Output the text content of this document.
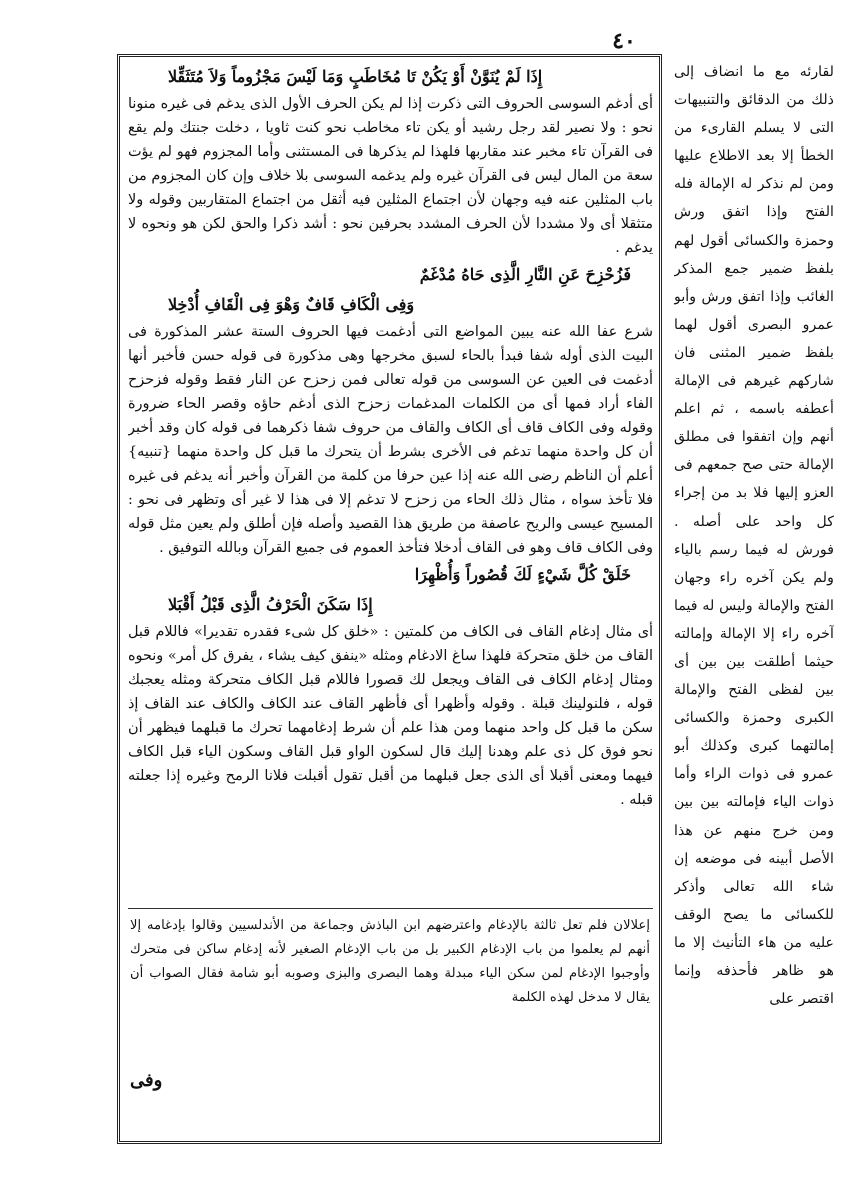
٤٠

إِذَا لَمْ يُنَوَّنْ أَوْ يَكُنْ تَا مُخَاطَبٍ وَمَا لَيْسَ مَجْزُوماً وَلاَ مُتَثَقِّلا

أى أدغم السوسى الحروف التى ذكرت إذا لم يكن الحرف الأول الذى يدغم فى غيره منونا نحو : ولا نصير لقد رجل رشيد أو يكن تاء مخاطب نحو كنت ثاويا ، دخلت جنتك ولم يقع فى القرآن تاء مخبر عند مقاربها فلهذا لم يذكرها فى المستثنى وأما المجزوم فهو لم يؤت سعة من المال ليس فى القرآن غيره ولم يدغمه السوسى بلا خلاف وإن كان المجزوم من باب المثلين عنه فيه وجهان لأن اجتماع المثلين فيه أثقل من اجتماع المتقاربين وقوله ولا متثقلا أى ولا مشددا لأن الحرف المشدد بحرفين نحو : أشد ذكرا والحق لكن هو ونحوه لا يدغم .

فَزُحْزِحَ عَنِ النَّارِ الَّذِى حَاهُ مُدْغَمٌ

وَفِى الْكَافِ قَافٌ وَهْوَ فِى الْقَافِ أُدْخِلا

شرع عفا الله عنه يبين المواضع التى أدغمت فيها الحروف الستة عشر المذكورة فى البيت الذى أوله شفا فبدأ بالحاء لسبق مخرجها وهى مذكورة فى قوله حسن فأخبر أنها أدغمت فى العين عن السوسى من قوله تعالى فمن زحزح عن النار فقط وقوله فزحزح الفاء أراد فمها أى من الكلمات المدغمات زحزح الذى أدغم حاؤه وقصر الحاء ضرورة وقوله وفى الكاف قاف أى الكاف والقاف من حروف شفا ذكرهما فى قوله كان وقد أخبر أن كل واحدة منهما تدغم فى الأخرى بشرط أن يتحرك ما قبل كل واحدة منهما {تنبيه} أعلم أن الناظم رضى الله عنه إذا عين حرفا من كلمة من القرآن وأخبر أنه يدغم فى غيره فلا تأخذ سواه ، مثال ذلك الحاء من زحزح لا تدغم إلا فى هذا لا غير أى وتظهر فى نحو : المسيح عيسى والريح عاصفة من طريق هذا القصيد وأصله فإن أطلق ولم يعين مثل قوله وفى الكاف قاف وهو فى القاف أدخلا فتأخذ العموم فى جميع القرآن وبالله التوفيق .

خَلَقْ كُلَّ شَيْءٍ لَكَ قُصُوراً وَأُظْهِرَا

إِذَا سَكَنَ الْحَرْفُ الَّذِى قَبْلُ أَقْبَلا

أى مثال إدغام القاف فى الكاف من كلمتين : «خلق كل شىء فقدره تقديرا» فاللام قبل القاف من خلق متحركة فلهذا ساغ الادغام ومثله «ينفق كيف يشاء ، يفرق كل أمر» ونحوه ومثال إدغام الكاف فى القاف ويجعل لك قصورا فاللام قبل الكاف متحركة ومثله يعجبك قوله ، فلنولينك قبلة . وقوله وأظهرا أى فأظهر القاف عند الكاف والكاف عند القاف إذ سكن ما قبل كل واحد منهما ومن هذا علم أن شرط إدغامهما تحرك ما قبلهما فيظهر أن نحو فوق كل ذى علم وهدنا إليك قال لسكون الواو قبل القاف وسكون الياء قبل الكاف فيهما ومعنى أقبلا أى الذى جعل قبلهما من أقبل تقول أقبلت فلانا الرمح وغيره إذا جعلته قبله .

إعلالان فلم تعل ثالثة بالإدغام واعترضهم ابن الباذش وجماعة من الأندلسيين وقالوا بإدغامه إلا أنهم لم يعلموا من باب الإدغام الكبير بل من باب الإدغام الصغير لأنه إدغام ساكن فى متحرك وأوجبوا الإدغام لمن سكن الياء مبدلة وهما البصرى والبزى وصوبه أبو شامة فقال الصواب أن يقال لا مدخل لهذه الكلمة

لقارئه مع ما انضاف إلى ذلك من الدقائق والتنبيهات التى لا يسلم القارىء من الخطأ إلا بعد الاطلاع عليها ومن لم نذكر له الإمالة فله الفتح وإذا اتفق ورش وحمزة والكسائى أقول لهم بلفظ ضمير جمع المذكر الغائب وإذا اتفق ورش وأبو عمرو البصرى أقول لهما بلفظ ضمير المثنى فان شاركهم غيرهم فى الإمالة أعطفه باسمه ، ثم اعلم أنهم وإن اتفقوا فى مطلق الإمالة حتى صح جمعهم فى العزو إليها فلا بد من إجراء كل واحد على أصله . فورش له فيما رسم بالياء ولم يكن آخره راء وجهان الفتح والإمالة وليس له فيما آخره راء إلا الإمالة وإمالته حيثما أطلقت بين بين أى بين لفظى الفتح والإمالة الكبرى وحمزة والكسائى إمالتهما كبرى وكذلك أبو عمرو فى ذوات الراء وأما ذوات الياء فإمالته بين بين ومن خرج منهم عن هذا الأصل أبينه فى موضعه إن شاء الله تعالى وأذكر للكسائى ما يصح الوقف عليه من هاء التأنيث إلا ما هو ظاهر فأحذفه وإنما اقتصر على

وفى
